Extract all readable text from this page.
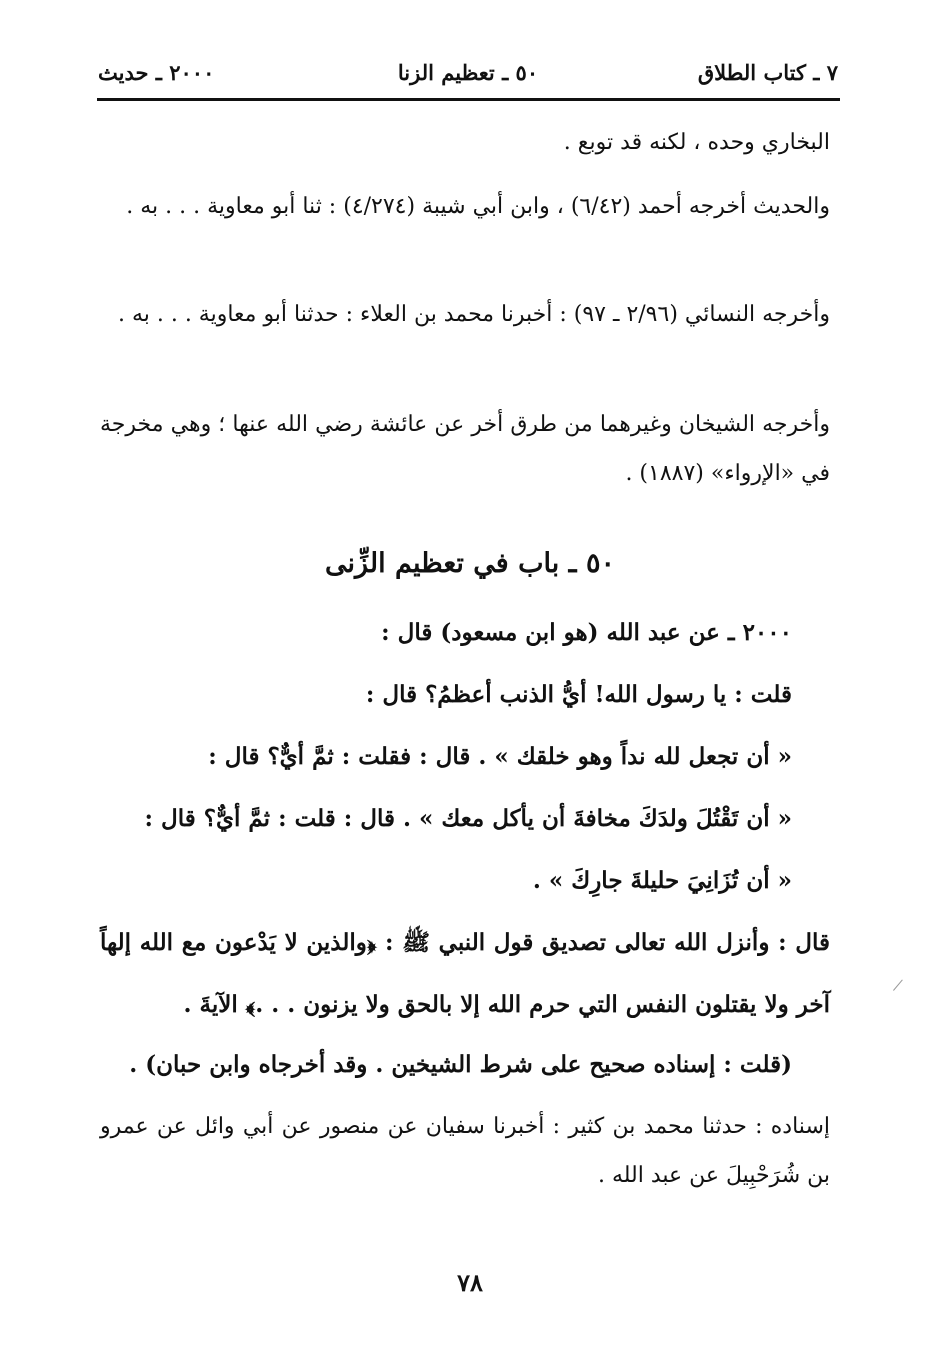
٧ ـ كتاب الطلاق
٥٠ ـ تعظيم الزنا
٢٠٠٠ ـ حديث
البخاري وحده ، لكنه قد توبع .
والحديث أخرجه أحمد (٦/٤٢) ، وابن أبي شيبة (٤/٢٧٤) : ثنا أبو معاوية . . . به .
وأخرجه النسائي (٢/٩٦ ـ ٩٧) : أخبرنا محمد بن العلاء : حدثنا أبو معاوية . . . به .
وأخرجه الشيخان وغيرهما من طرق أخر عن عائشة رضي الله عنها ؛ وهي مخرجة في «الإرواء» (١٨٨٧) .
٥٠ ـ باب في تعظيم الزِّنى
٢٠٠٠ ـ عن عبد الله (هو ابن مسعود) قال :
قلت : يا رسول الله! أيُّ الذنب أعظمُ؟ قال :
« أن تجعل لله نداً وهو خلقك » . قال : فقلت : ثمَّ أيٌّ؟ قال :
« أن تَقْتُلَ ولدَكَ مخافةَ أن يأكل معك » . قال : قلت : ثمَّ أيٌّ؟ قال :
« أن تُزَانِيَ حليلةَ جارِكَ » .
قال : وأنزل الله تعالى تصديق قول النبي ﷺ : ﴿والذين لا يَدْعون مع الله إلهاً آخر ولا يقتلون النفس التي حرم الله إلا بالحق ولا يزنون . . .﴾ الآيةَ .
(قلت : إسناده صحيح على شرط الشيخين . وقد أخرجاه وابن حبان) .
إسناده : حدثنا محمد بن كثير : أخبرنا سفيان عن منصور عن أبي وائل عن عمرو بن شُرَحْبِيلَ عن عبد الله .
٧٨
